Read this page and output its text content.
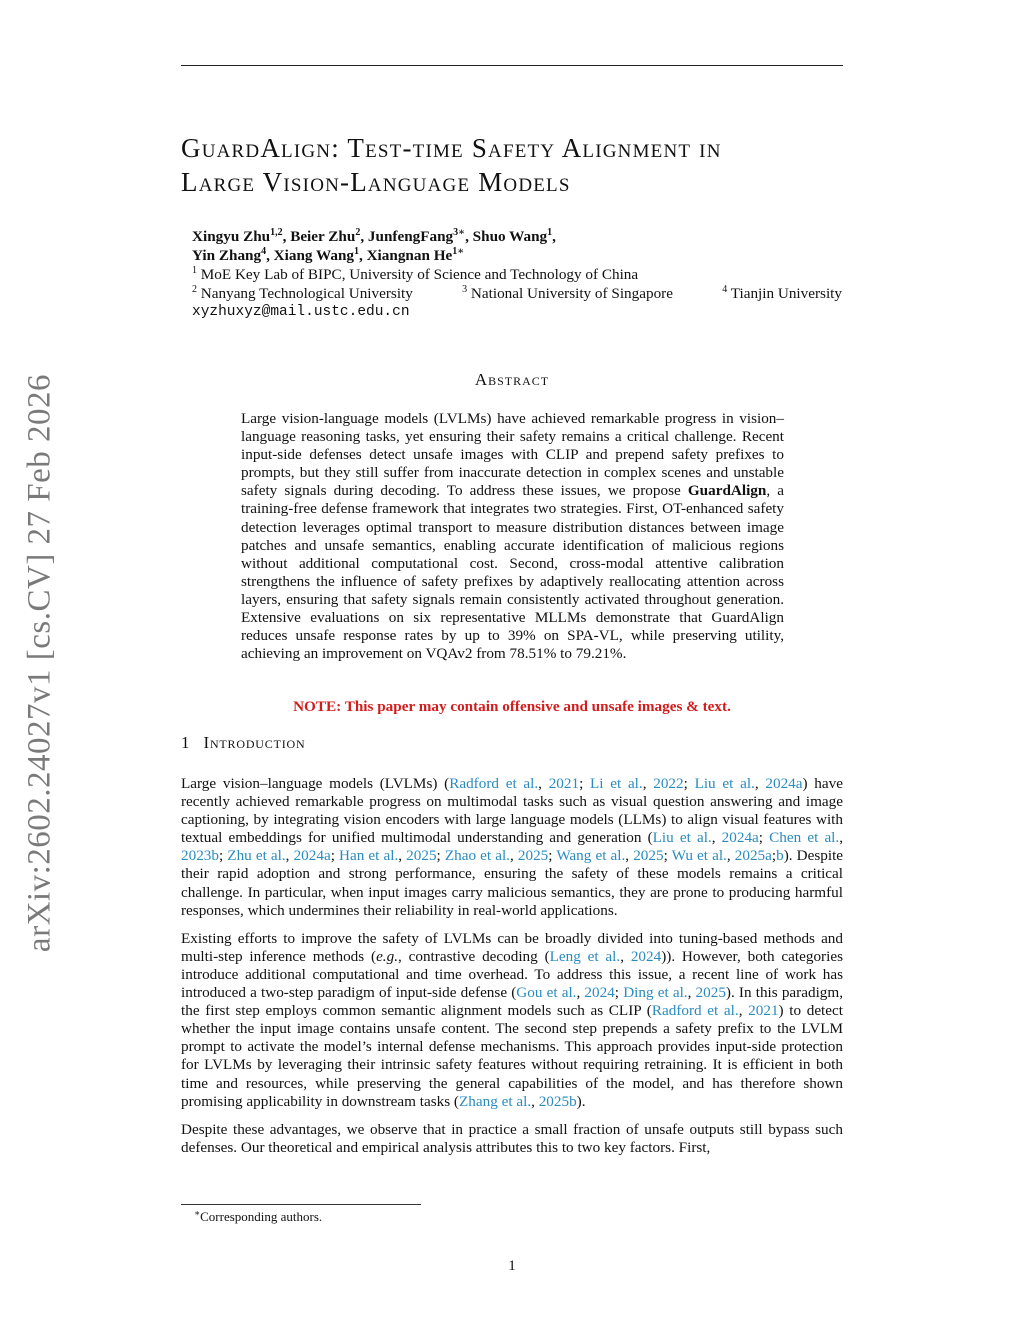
arXiv:2602.24027v1 [cs.CV] 27 Feb 2026
GuardAlign: Test-time Safety Alignment in
Large Vision-Language Models
Xingyu Zhu$^{1,2}$, Beier Zhu$^2$, JunfengFang$^{3∗}$, Shuo Wang$^1$,
Yin Zhang$^4$, Xiang Wang$^1$, Xiangnan $He^{1∗}$
$^1$ MoE Key Lab of BIPC, University of Science and Technology of China
$^2$ Nanyang Technological University	$^3$ National University of Singapore	$^4$ Tianjin University
xyzhuxyz@mail.ustc.edu.cn
Abstract
Large vision-language models (LVLMs) have achieved remarkable progress in vision–language reasoning tasks, yet ensuring their safety remains a critical challenge. Recent input-side defenses detect unsafe images with CLIP and prepend safety prefixes to prompts, but they still suffer from inaccurate detection in complex scenes and unstable safety signals during decoding. To address these issues, we propose GuardAlign, a training-free defense framework that integrates two strategies. First, OT-enhanced safety detection leverages optimal transport to measure distribution distances between image patches and unsafe semantics, enabling accurate identification of malicious regions without additional computational cost. Second, cross-modal attentive calibration strengthens the influence of safety prefixes by adaptively reallocating attention across layers, ensuring that safety signals remain consistently activated throughout generation. Extensive evaluations on six representative MLLMs demonstrate that GuardAlign reduces unsafe response rates by up to 39% on SPA-VL, while preserving utility, achieving an improvement on VQAv2 from 78.51% to 79.21%.
NOTE: This paper may contain offensive and unsafe images & text.
1 Introduction

Large vision–language models (LVLMs) (Radford et al., 2021; Li et al., 2022; Liu et al., 2024a) have recently achieved remarkable progress on multimodal tasks such as visual question answering and image captioning, by integrating vision encoders with large language models (LLMs) to align visual features with textual embeddings for unified multimodal understanding and generation (Liu et al., 2024a; Chen et al., 2023b; Zhu et al., 2024a; Han et al., 2025; Zhao et al., 2025; Wang et al., 2025; Wu et al., 2025a;b). Despite their rapid adoption and strong performance, ensuring the safety of these models remains a critical challenge. In particular, when input images carry malicious semantics, they are prone to producing harmful responses, which undermines their reliability in real-world applications.

Existing efforts to improve the safety of LVLMs can be broadly divided into tuning-based methods and multi-step inference methods (e.g., contrastive decoding (Leng et al., 2024)). However, both categories introduce additional computational and time overhead. To address this issue, a recent line of work has introduced a two-step paradigm of input-side defense (Gou et al., 2024; Ding et al., 2025). In this paradigm, the first step employs common semantic alignment models such as CLIP (Radford et al., 2021) to detect whether the input image contains unsafe content. The second step prepends a safety prefix to the LVLM prompt to activate the model’s internal defense mechanisms. This approach provides input-side protection for LVLMs by leveraging their intrinsic safety features without requiring retraining. It is efficient in both time and resources, while preserving the general capabilities of the model, and has therefore shown promising applicability in downstream tasks (Zhang et al., 2025b).

Despite these advantages, we observe that in practice a small fraction of unsafe outputs still bypass such defenses. Our theoretical and empirical analysis attributes this to two key factors. First,

∗Corresponding authors.
1
